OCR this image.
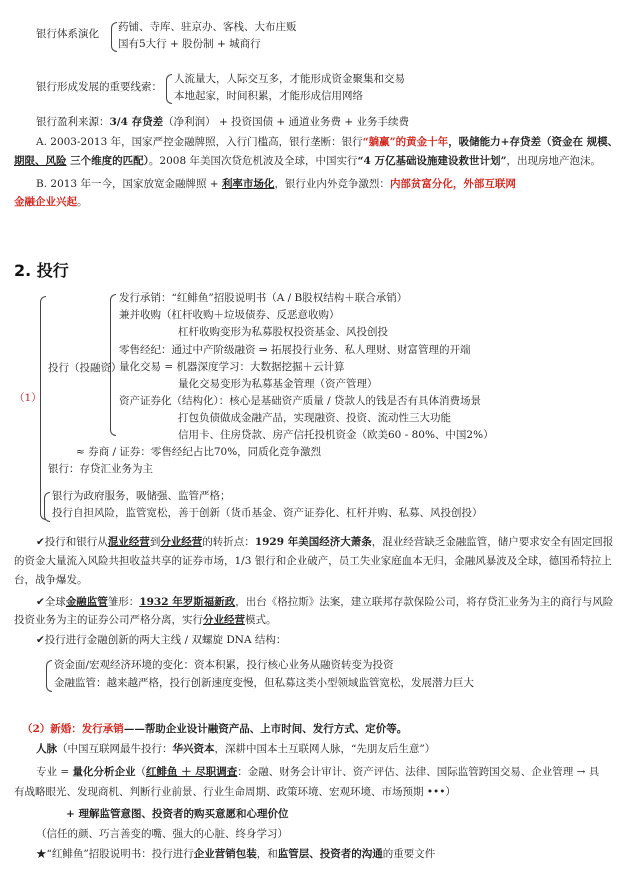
银行体系演化
药铺、寺库、驻京办、客栈、大布庄贩
国有5大行 + 股份制 + 城商行
银行形成发展的重要线索：
人流量大，人际交互多，才能形成资金聚集和交易
本地起家，时间积累，才能形成信用网络
银行盈利来源：3/4 存贷差（净利润） + 投资国债 + 通道业务费 + 业务手续费
A. 2003-2013 年，国家严控金融牌照，入行门槛高，银行垄断：银行“躺赢”的黄金十年，吸储能力+存贷差（资金在 规模、
期限、风险 三个维度的匹配）。2008 年美国次贷危机波及全球，中国实行“4 万亿基础设施建设救世计划”，出现房地产泡沫。
B. 2013 年一今，国家放宽金融牌照 + 利率市场化，银行业内外竞争激烈：内部贫富分化，外部互联网
金融企业兴起。
2. 投行
（1）
投行（投融资）
发行承销：“红鲱鱼”招股说明书（A / B股权结构＋联合承销）
兼并收购（杠杆收购＋垃圾债券、反恶意收购）
杠杆收购变形为私募股权投资基金、风投创投
零售经纪：通过中产阶级融资 ⇒ 拓展投行业务、私人理财、财富管理的开端
量化交易 = 机器深度学习：大数据挖掘＋云计算
量化交易变形为私募基金管理（资产管理）
资产证券化（结构化）：核心是基础资产质量 / 贷款人的钱是否有具体消费场景
打包负债做成金融产品，实现融资、投资、流动性三大功能
信用卡、住房贷款、房产信托投机资金（欧美60 - 80%、中国2%）
≈ 券商 / 证券：零售经纪占比70%，同质化竞争激烈
银行：存贷汇业务为主
银行为政府服务，吸储强、监管严格；
投行自担风险，监管宽松，善于创新（货币基金、资产证券化、杠杆并购、私募、风投创投）
✔投行和银行从混业经营到分业经营的转折点：1929 年美国经济大萧条，混业经营缺乏金融监管，储户要求安全有固定回报
的资金大量流入风险共担收益共享的证券市场，1/3 银行和企业破产，员工失业家庭血本无归，金融风暴波及全球，德国希特拉上
台，战争爆发。
✔全球金融监管雏形：1932 年罗斯福新政，出台《格拉斯》法案，建立联邦存款保险公司，将存贷汇业务为主的商行与风险
投资业务为主的证券公司严格分离，实行分业经营模式。
✔投行进行金融创新的两大主线 / 双螺旋 DNA 结构：
资金面/宏观经济环境的变化：资本积累，投行核心业务从融资转变为投资
金融监管：越来越严格，投行创新速度变慢，但私募这类小型领域监管宽松，发展潜力巨大
（2）新婚：发行承销——帮助企业设计融资产品、上市时间、发行方式、定价等。
人脉（中国互联网最牛投行：华兴资本，深耕中国本土互联网人脉，“先朋友后生意”）
专业 = 量化分析企业（红鲱鱼 ＋ 尽职调查：金融、财务会计审计、资产评估、法律、国际监管跨国交易、企业管理 → 具
有战略眼光、发现商机、判断行业前景、行业生命周期、政策环境、宏观环境、市场预期 •••）
+ 理解监管意图、投资者的购买意愿和心理价位
（信任的颜、巧言善变的嘴、强大的心脏、终身学习）
★“红鲱鱼”招股说明书：投行进行企业营销包装，和监管层、投资者的沟通的重要文件
